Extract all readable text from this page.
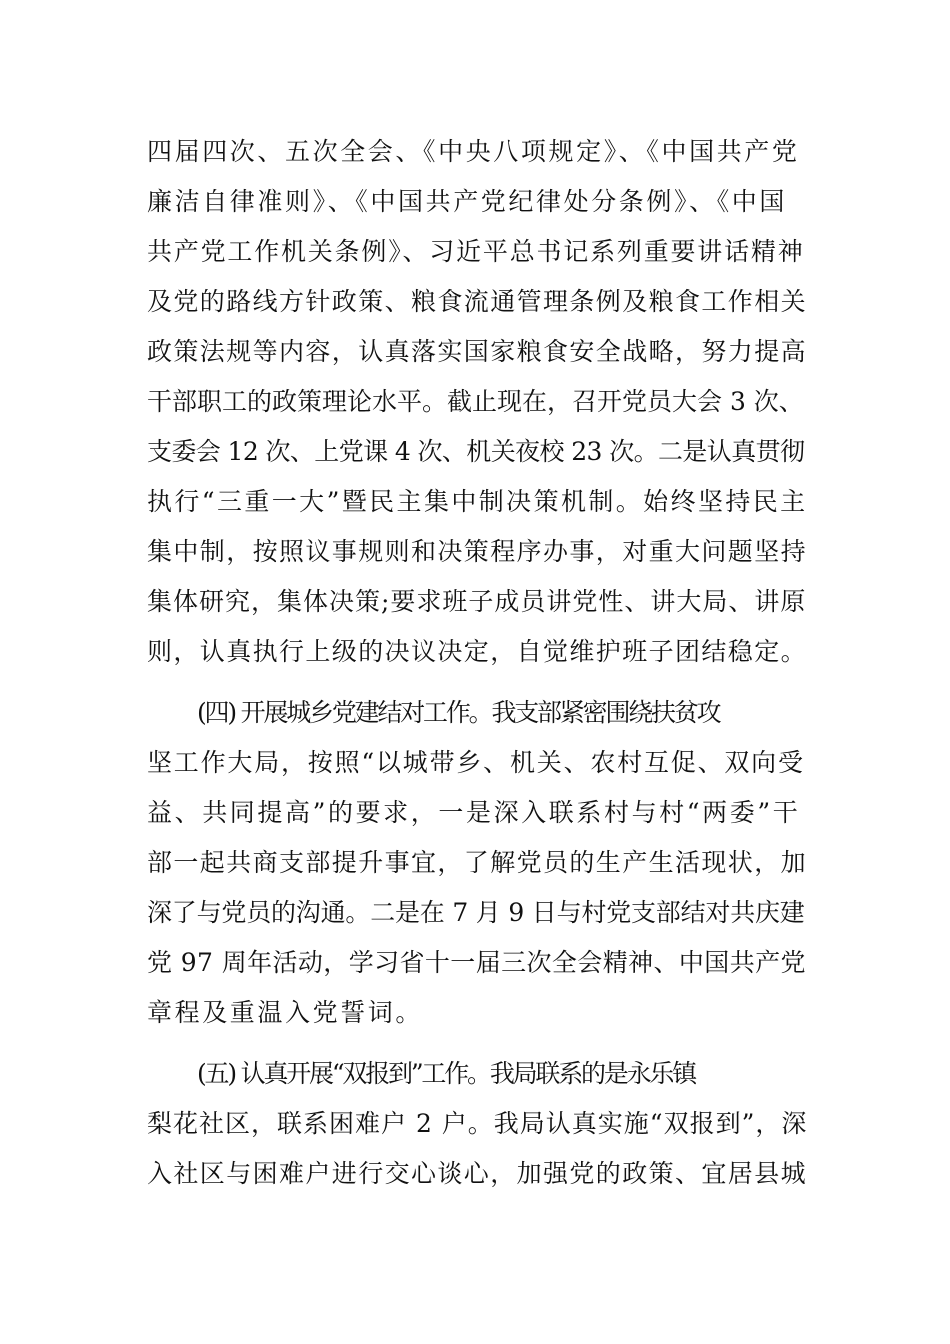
四届四次、五次全会、《中央八项规定》、《中国共产党
廉洁自律准则》、《中国共产党纪律处分条例》、《中国
共产党工作机关条例》、习近平总书记系列重要讲话精神
及党的路线方针政策、粮食流通管理条例及粮食工作相关
政策法规等内容，认真落实国家粮食安全战略，努力提高
干部职工的政策理论水平。截止现在，召开党员大会 3 次、
支委会 12 次、上党课 4 次、机关夜校 23 次。二是认真贯彻
执行“三重一大”暨民主集中制决策机制。始终坚持民主
集中制，按照议事规则和决策程序办事，对重大问题坚持
集体研究，集体决策;要求班子成员讲党性、讲大局、讲原
则，认真执行上级的决议决定，自觉维护班子团结稳定。
(四) 开展城乡党建结对工作。我支部紧密围绕扶贫攻
坚工作大局，按照“以城带乡、机关、农村互促、双向受
益、共同提高”的要求，一是深入联系村与村“两委”干
部一起共商支部提升事宜，了解党员的生产生活现状，加
深了与党员的沟通。二是在 7 月 9 日与村党支部结对共庆建
党 97 周年活动，学习省十一届三次全会精神、中国共产党
章程及重温入党誓词。
(五) 认真开展“双报到”工作。我局联系的是永乐镇
梨花社区，联系困难户 2 户。我局认真实施“双报到”，深
入社区与困难户进行交心谈心，加强党的政策、宜居县城
